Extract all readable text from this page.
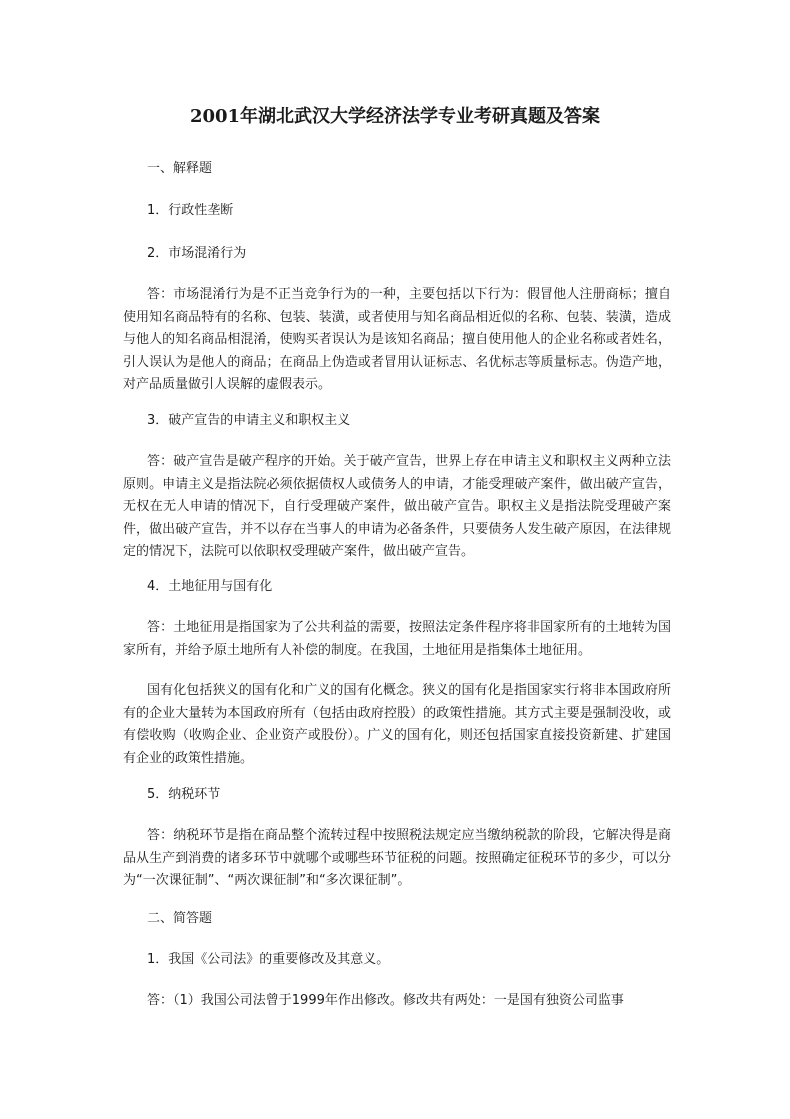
2001年湖北武汉大学经济法学专业考研真题及答案
一、解释题
1．行政性垄断
2．市场混淆行为
答：市场混淆行为是不正当竞争行为的一种，主要包括以下行为：假冒他人注册商标；擅自使用知名商品特有的名称、包装、装潢，或者使用与知名商品相近似的名称、包装、装潢，造成与他人的知名商品相混淆，使购买者误认为是该知名商品；擅自使用他人的企业名称或者姓名，引人误认为是他人的商品；在商品上伪造或者冒用认证标志、名优标志等质量标志。伪造产地，对产品质量做引人误解的虚假表示。
3．破产宣告的申请主义和职权主义
答：破产宣告是破产程序的开始。关于破产宣告，世界上存在申请主义和职权主义两种立法原则。申请主义是指法院必须依据债权人或债务人的申请，才能受理破产案件，做出破产宣告，无权在无人申请的情况下，自行受理破产案件，做出破产宣告。职权主义是指法院受理破产案件，做出破产宣告，并不以存在当事人的申请为必备条件，只要债务人发生破产原因，在法律规定的情况下，法院可以依职权受理破产案件，做出破产宣告。
4．土地征用与国有化
答：土地征用是指国家为了公共利益的需要，按照法定条件程序将非国家所有的土地转为国家所有，并给予原土地所有人补偿的制度。在我国，土地征用是指集体土地征用。
国有化包括狭义的国有化和广义的国有化概念。狭义的国有化是指国家实行将非本国政府所有的企业大量转为本国政府所有（包括由政府控股）的政策性措施。其方式主要是强制没收，或有偿收购（收购企业、企业资产或股份）。广义的国有化，则还包括国家直接投资新建、扩建国有企业的政策性措施。
5．纳税环节
答：纳税环节是指在商品整个流转过程中按照税法规定应当缴纳税款的阶段，它解决得是商品从生产到消费的诸多环节中就哪个或哪些环节征税的问题。按照确定征税环节的多少，可以分为“一次课征制”、“两次课征制”和“多次课征制”。
二、简答题
1．我国《公司法》的重要修改及其意义。
答：（1）我国公司法曾于1999年作出修改。修改共有两处：一是国有独资公司监事
